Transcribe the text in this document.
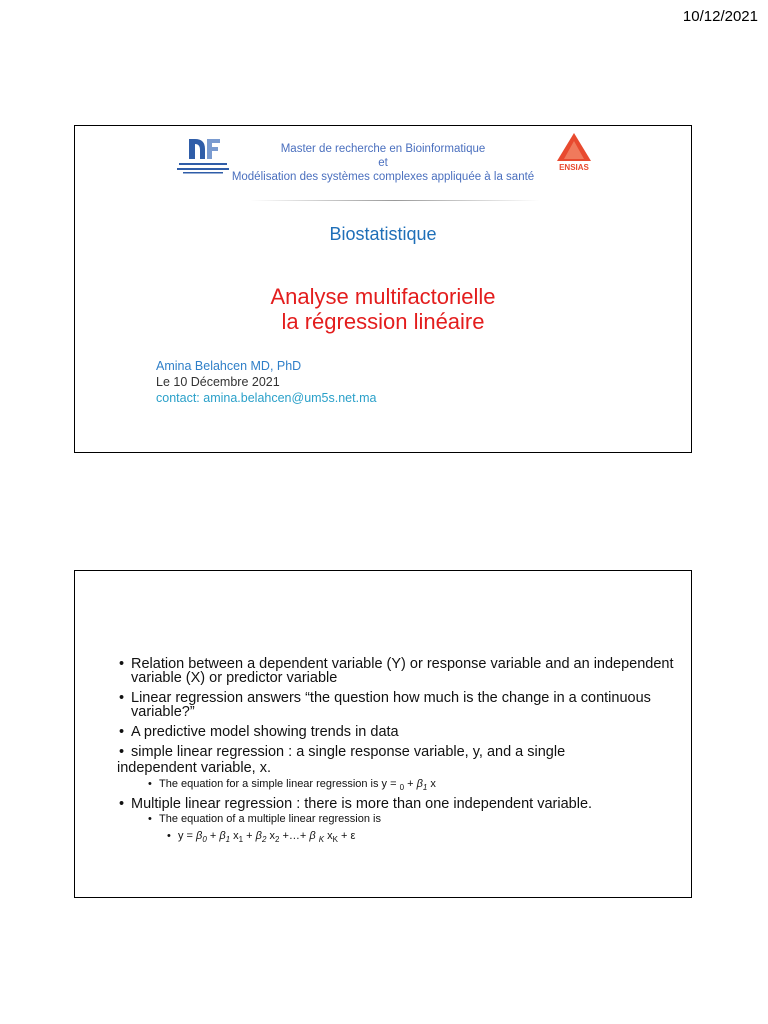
10/12/2021
Master de recherche en Bioinformatique
et
Modélisation des systèmes complexes appliquée à la santé
ENSIAS
Biostatistique
Analyse multifactorielle
la régression linéaire
Amina Belahcen MD, PhD
Le 10 Décembre 2021
contact: amina.belahcen@um5s.net.ma
• Relation between a dependent variable (Y) or response variable and an independent variable (X) or predictor variable
• Linear regression answers “the question how much is the change in a continuous variable?”
• A predictive model showing trends in data
• simple linear regression : a single response variable, y, and a single
independent variable, x.
• The equation for a simple linear regression is $y = _0 + \beta_1$ x
• Multiple linear regression : there is more than one independent variable.
• The equation of a multiple linear regression is
• $y = \beta_0 + \beta_1$ $x_1 + \beta_2$ $x_2$ +…+ β $_K$ $x_K + \varepsilon$
